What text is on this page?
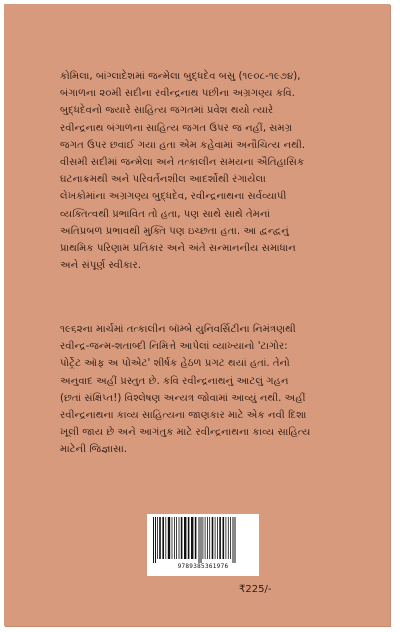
કોમિલા, બાંગ્લાદેશમાં જન્મેલા બુદ્ધદેવ બસુ (૧૯૦૮-૧૯૭૪),
બંગાળના ૨૦મી સદીના રવીન્દ્રનાથ પછીના અગ્રગણ્ય કવિ.
બુદ્ધદેવનો જ્યારે સાહિત્ય જગતમાં પ્રવેશ થયો ત્યારે
રવીન્દ્રનાથ બંગાળના સાહિત્ય જગત ઉપર જ નહીં, સમગ્ર
જગત ઉપર છવાઈ ગયા હતા એમ કહેવામાં અનૌચિત્ય નથી.
વીસમી સદીમાં જન્મેલા અને તત્કાલીન સમયના ઐતિહાસિક
ઘટનાક્રમથી અને પરિવર્તનશીલ આદર્શોથી રંગાયેલા
લેખકોમાંના અગ્રગણ્ય બુદ્ધદેવ, રવીન્દ્રનાથના સર્વવ્યાપી
વ્યક્તિત્વથી પ્રભાવિત તો હતા, પણ સાથે સાથે તેમનાં
અતિપ્રબળ પ્રભાવથી મુક્તિ પણ ઇચ્છતા હતા. આ દ્વન્દ્વનું
પ્રાથમિક પરિણામ પ્રતિકાર અને અંતે સન્માનનીય સમાધાન
અને સંપૂર્ણ સ્વીકાર.

૧૯૬૨ના માર્ચમાં તત્કાલીન બૉમ્બે યુનિવર્સિટીના નિમંત્રણથી
રવીન્દ્ર-જન્મ-શતાબ્દી નિમિત્તે આપેલાં વ્યાખ્યાનો 'ટાગોર:
પોર્ટ્રેટ ઑફ અ પોએટ' શીર્ષક હેઠળ પ્રગટ થયાં હતાં. તેનો
અનુવાદ અહીં પ્રસ્તુત છે. કવિ રવીન્દ્રનાથનું આટલું ગહન
(છતાં સંક્ષિપ્ત!) વિશ્લેષણ અન્યત્ર જોવામાં આવ્યું નથી. અહીં
રવીન્દ્રનાથના કાવ્ય સાહિત્યના જાણકાર માટે એક નવી દિશા
ખૂલી જાય છે અને આગંતુક માટે રવીન્દ્રનાથના કાવ્ય સાહિત્ય
માટેની જિજ્ઞાસા.

9789385361976
₹225/-
